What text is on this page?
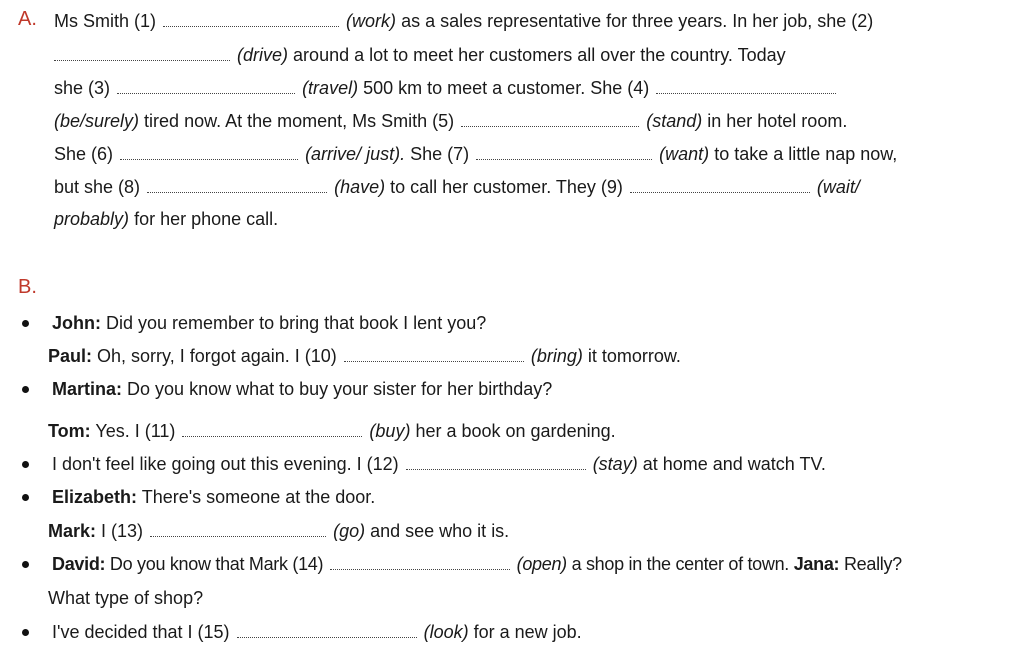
A. Ms Smith (1)	(work) as a sales representative for three years. In her job, she (2)
(drive) around a lot to meet her customers all over the country. Today
she (3)	(travel) 500 km to meet a customer. She (4)
(be/surely) tired now. At the moment, Ms Smith (5)	(stand) in her hotel room.
She (6)	(arrive/ just). She (7)	(want) to take a little nap now,
but she (8)	(have) to call her customer. They (9)	(wait/
probably) for her phone call.
B.
John: Did you remember to bring that book I lent you?
Paul: Oh, sorry, I forgot again. I (10)	(bring) it tomorrow.
Martina: Do you know what to buy your sister for her birthday?
Tom: Yes. I (11)	(buy) her a book on gardening.
I don't feel like going out this evening. I (12)	(stay) at home and watch TV.
Elizabeth: There's someone at the door.
Mark: I (13)	(go) and see who it is.
David: Do you know that Mark (14)	(open) a shop in the center of town. Jana: Really?
What type of shop?
I've decided that I (15)	(look) for a new job.
